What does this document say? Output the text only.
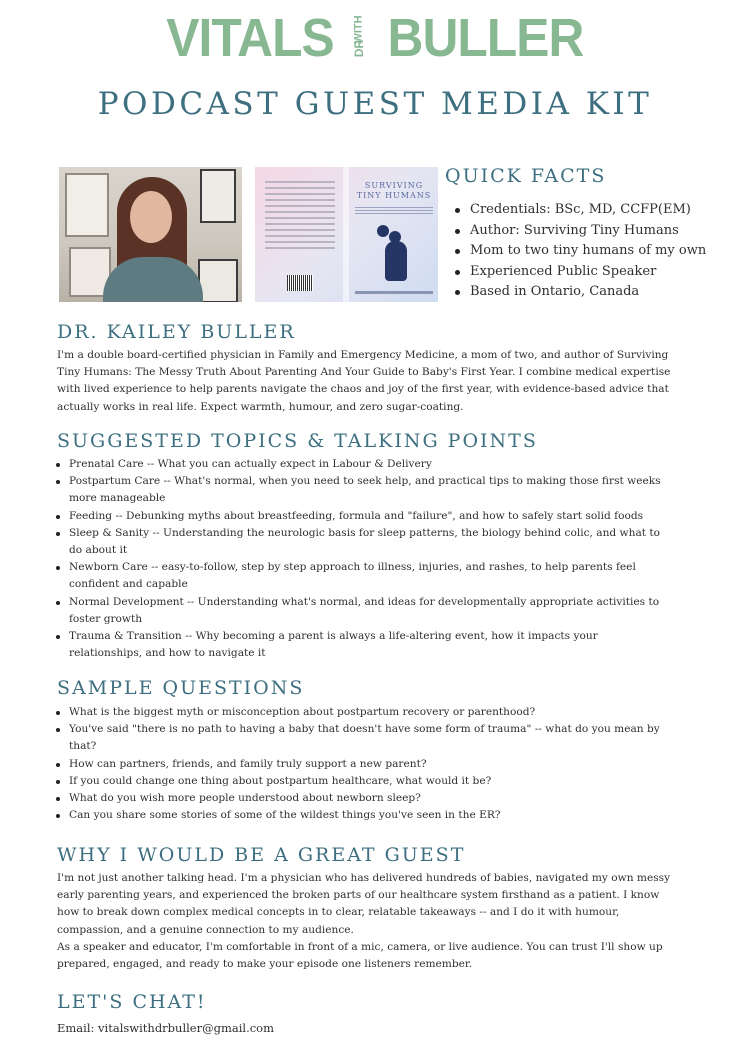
VITALS WITH
DR BULLER
PODCAST GUEST MEDIA KIT
SURVIVING
TINY HUMANS
QUICK FACTS
Credentials: BSc, MD, CCFP(EM)
Author: Surviving Tiny Humans
Mom to two tiny humans of my own
Experienced Public Speaker
Based in Ontario, Canada
DR. KAILEY BULLER

I'm a double board-certified physician in Family and Emergency Medicine, a mom of two, and author of Surviving Tiny Humans: The Messy Truth About Parenting And Your Guide to Baby's First Year. I combine medical expertise with lived experience to help parents navigate the chaos and joy of the first year, with evidence-based advice that actually works in real life. Expect warmth, humour, and zero sugar-coating.

SUGGESTED TOPICS & TALKING POINTS
Prenatal Care -- What you can actually expect in Labour & Delivery
Postpartum Care -- What's normal, when you need to seek help, and practical tips to making those first weeks more manageable
Feeding -- Debunking myths about breastfeeding, formula and "failure", and how to safely start solid foods
Sleep & Sanity -- Understanding the neurologic basis for sleep patterns, the biology behind colic, and what to do about it
Newborn Care -- easy-to-follow, step by step approach to illness, injuries, and rashes, to help parents feel confident and capable
Normal Development -- Understanding what's normal, and ideas for developmentally appropriate activities to foster growth
Trauma & Transition -- Why becoming a parent is always a life-altering event, how it impacts your relationships, and how to navigate it
SAMPLE QUESTIONS
What is the biggest myth or misconception about postpartum recovery or parenthood?
You've said "there is no path to having a baby that doesn't have some form of trauma" -- what do you mean by that?
How can partners, friends, and family truly support a new parent?
If you could change one thing about postpartum healthcare, what would it be?
What do you wish more people understood about newborn sleep?
Can you share some stories of some of the wildest things you've seen in the ER?
WHY I WOULD BE A GREAT GUEST

I'm not just another talking head. I'm a physician who has delivered hundreds of babies, navigated my own messy early parenting years, and experienced the broken parts of our healthcare system firsthand as a patient. I know how to break down complex medical concepts in to clear, relatable takeaways -- and I do it with humour, compassion, and a genuine connection to my audience.
As a speaker and educator, I'm comfortable in front of a mic, camera, or live audience. You can trust I'll show up prepared, engaged, and ready to make your episode one listeners remember.

LET'S CHAT!
Email: vitalswithdrbuller@gmail.com
